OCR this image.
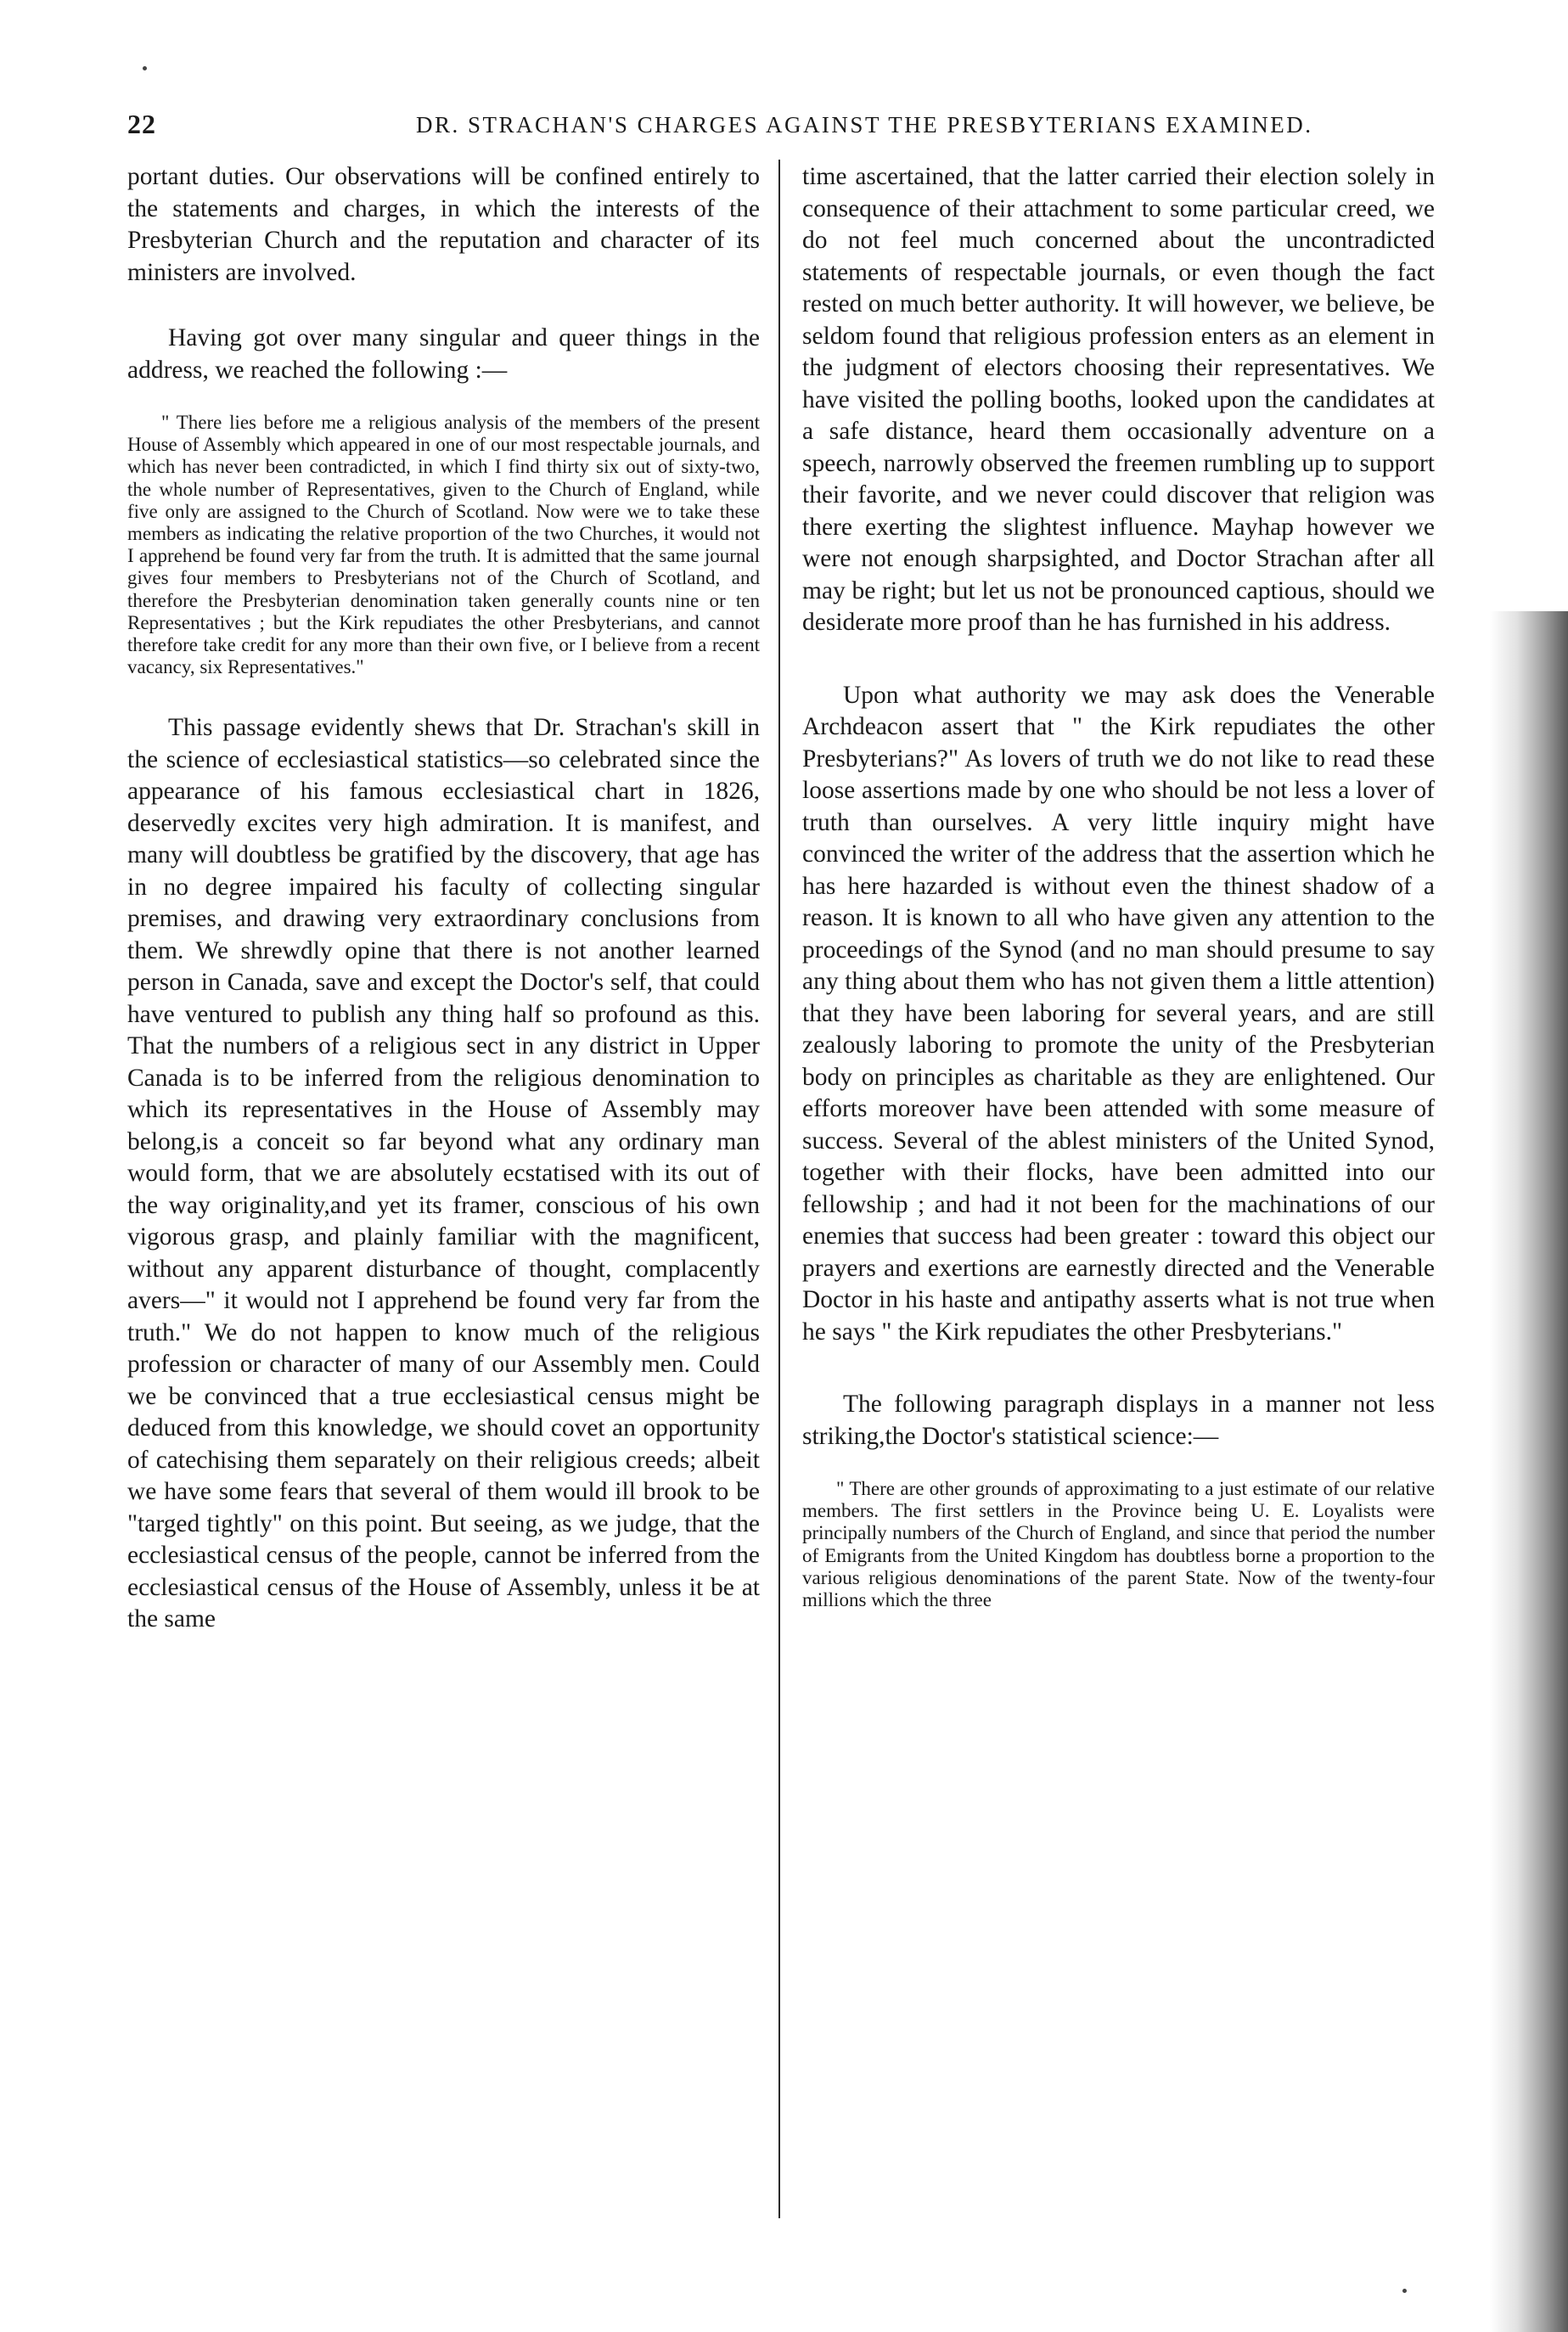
22	DR. STRACHAN'S CHARGES AGAINST THE PRESBYTERIANS EXAMINED.

portant duties. Our observations will be confined entirely to the statements and charges, in which the interests of the Presbyterian Church and the reputation and character of its ministers are involved.

Having got over many singular and queer things in the address, we reached the following :—

" There lies before me a religious analysis of the members of the present House of Assembly which appeared in one of our most respectable journals, and which has never been contradicted, in which I find thirty six out of sixty-two, the whole number of Representatives, given to the Church of England, while five only are assigned to the Church of Scotland. Now were we to take these members as indicating the relative proportion of the two Churches, it would not I apprehend be found very far from the truth. It is admitted that the same journal gives four members to Presbyterians not of the Church of Scotland, and therefore the Presbyterian denomination taken generally counts nine or ten Representatives ; but the Kirk repudiates the other Presbyterians, and cannot therefore take credit for any more than their own five, or I believe from a recent vacancy, six Representatives."

This passage evidently shews that Dr. Strachan's skill in the science of ecclesiastical statistics—so celebrated since the appearance of his famous ecclesiastical chart in 1826, deservedly excites very high admiration. It is manifest, and many will doubtless be gratified by the discovery, that age has in no degree impaired his faculty of collecting singular premises, and drawing very extraordinary conclusions from them. We shrewdly opine that there is not another learned person in Canada, save and except the Doctor's self, that could have ventured to publish any thing half so profound as this. That the numbers of a religious sect in any district in Upper Canada is to be inferred from the religious denomination to which its representatives in the House of Assembly may belong,is a conceit so far beyond what any ordinary man would form, that we are absolutely ecstatised with its out of the way originality,and yet its framer, conscious of his own vigorous grasp, and plainly familiar with the magnificent, without any apparent disturbance of thought, complacently avers—" it would not I apprehend be found very far from the truth." We do not happen to know much of the religious profession or character of many of our Assembly men. Could we be convinced that a true ecclesiastical census might be deduced from this knowledge, we should covet an opportunity of catechising them separately on their religious creeds; albeit we have some fears that several of them would ill brook to be "targed tightly" on this point. But seeing, as we judge, that the ecclesiastical census of the people, cannot be inferred from the ecclesiastical census of the House of Assembly, unless it be at the same

time ascertained, that the latter carried their election solely in consequence of their attachment to some particular creed, we do not feel much concerned about the uncontradicted statements of respectable journals, or even though the fact rested on much better authority. It will however, we believe, be seldom found that religious profession enters as an element in the judgment of electors choosing their representatives. We have visited the polling booths, looked upon the candidates at a safe distance, heard them occasionally adventure on a speech, narrowly observed the freemen rumbling up to support their favorite, and we never could discover that religion was there exerting the slightest influence. Mayhap however we were not enough sharpsighted, and Doctor Strachan after all may be right; but let us not be pronounced captious, should we desiderate more proof than he has furnished in his address.

Upon what authority we may ask does the Venerable Archdeacon assert that " the Kirk repudiates the other Presbyterians?" As lovers of truth we do not like to read these loose assertions made by one who should be not less a lover of truth than ourselves. A very little inquiry might have convinced the writer of the address that the assertion which he has here hazarded is without even the thinest shadow of a reason. It is known to all who have given any attention to the proceedings of the Synod (and no man should presume to say any thing about them who has not given them a little attention) that they have been laboring for several years, and are still zealously laboring to promote the unity of the Presbyterian body on principles as charitable as they are enlightened. Our efforts moreover have been attended with some measure of success. Several of the ablest ministers of the United Synod, together with their flocks, have been admitted into our fellowship ; and had it not been for the machinations of our enemies that success had been greater : toward this object our prayers and exertions are earnestly directed and the Venerable Doctor in his haste and antipathy asserts what is not true when he says " the Kirk repudiates the other Presbyterians."

The following paragraph displays in a manner not less striking,the Doctor's statistical science:—

" There are other grounds of approximating to a just estimate of our relative members. The first settlers in the Province being U. E. Loyalists were principally numbers of the Church of England, and since that period the number of Emigrants from the United Kingdom has doubtless borne a proportion to the various religious denominations of the parent State. Now of the twenty-four millions which the three
